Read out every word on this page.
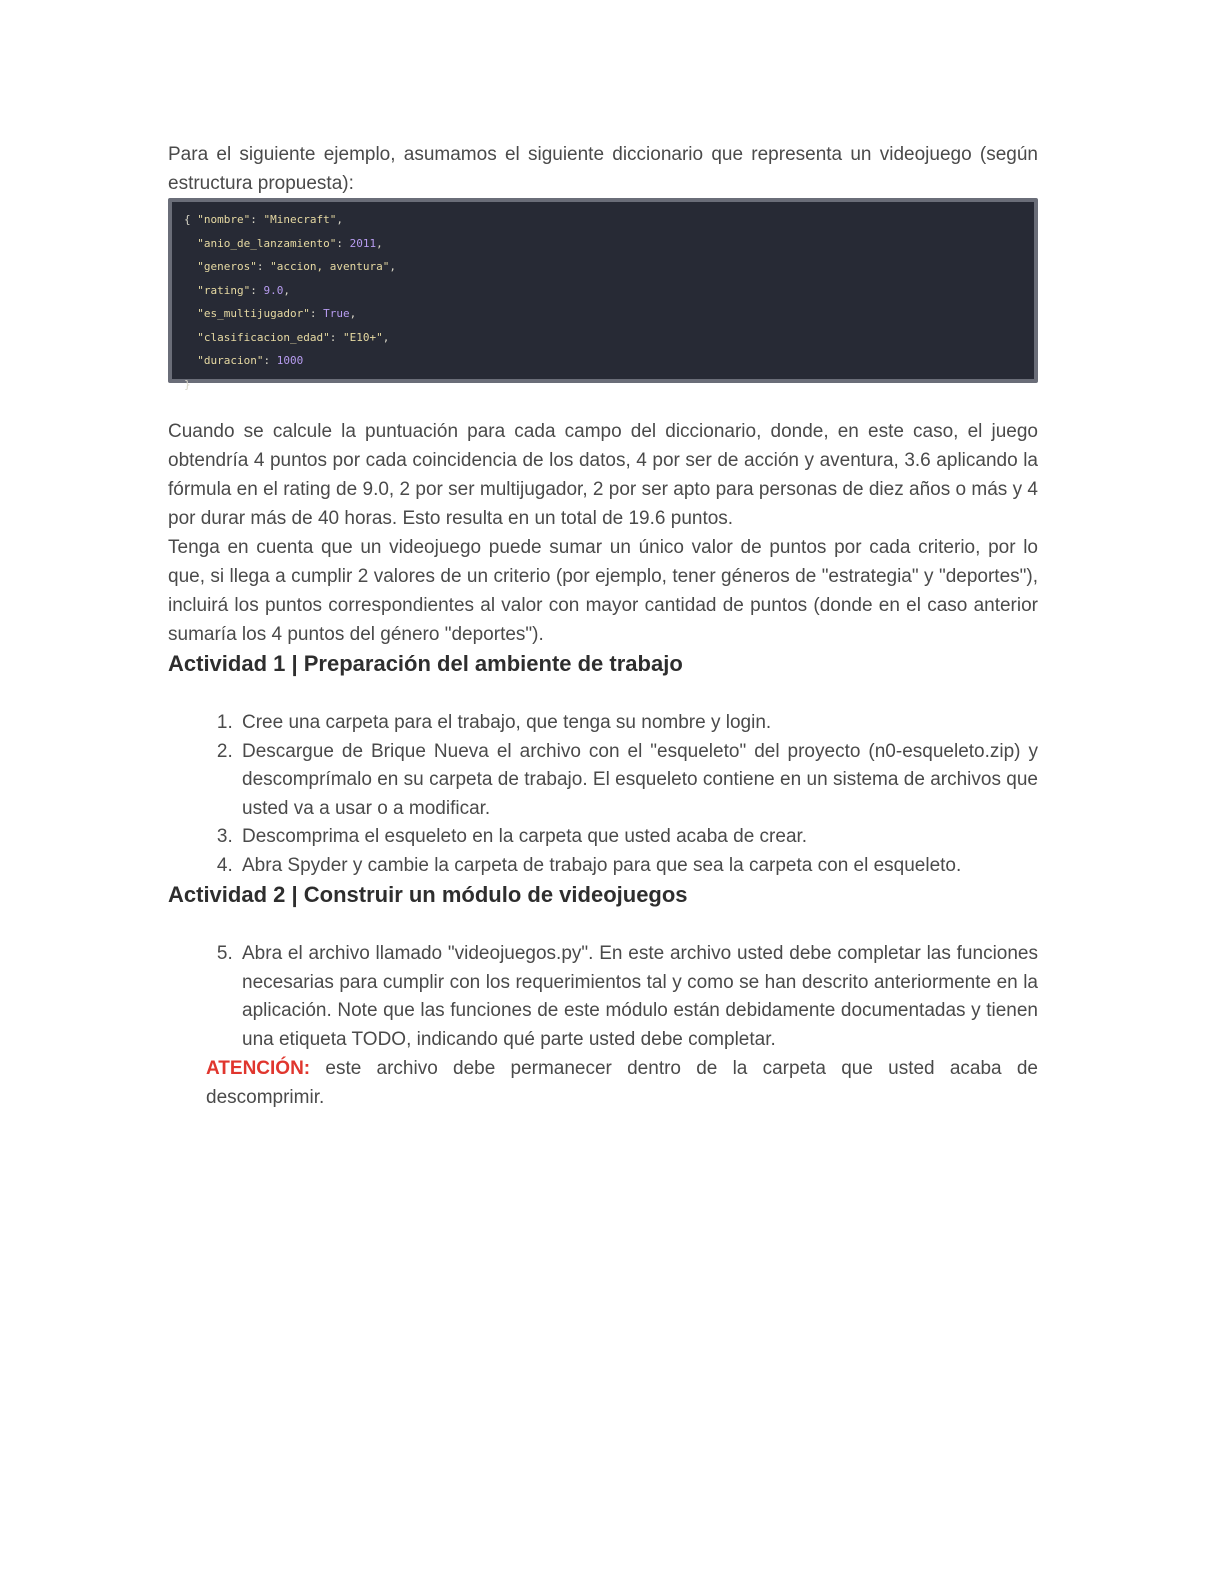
Para el siguiente ejemplo, asumamos el siguiente diccionario que representa un videojuego (según estructura propuesta):

{ "nombre": "Minecraft",
"anio_de_lanzamiento": 2011,
"generos": "accion, aventura",
"rating": 9.0,
"es_multijugador": True,
"clasificacion_edad": "E10+",
"duracion": 1000
}

Cuando se calcule la puntuación para cada campo del diccionario, donde, en este caso, el juego obtendría 4 puntos por cada coincidencia de los datos, 4 por ser de acción y aventura, 3.6 aplicando la fórmula en el rating de 9.0, 2 por ser multijugador, 2 por ser apto para personas de diez años o más y 4 por durar más de 40 horas. Esto resulta en un total de 19.6 puntos.

Tenga en cuenta que un videojuego puede sumar un único valor de puntos por cada criterio, por lo que, si llega a cumplir 2 valores de un criterio (por ejemplo, tener géneros de "estrategia" y "deportes"), incluirá los puntos correspondientes al valor con mayor cantidad de puntos (donde en el caso anterior sumaría los 4 puntos del género "deportes").

Actividad 1 | Preparación del ambiente de trabajo
1. Cree una carpeta para el trabajo, que tenga su nombre y login.
2. Descargue de Brique Nueva el archivo con el "esqueleto" del proyecto (n0-esqueleto.zip) y descomprímalo en su carpeta de trabajo. El esqueleto contiene en un sistema de archivos que usted va a usar o a modificar.
3. Descomprima el esqueleto en la carpeta que usted acaba de crear.
4. Abra Spyder y cambie la carpeta de trabajo para que sea la carpeta con el esqueleto.
Actividad 2 | Construir un módulo de videojuegos
5. Abra el archivo llamado "videojuegos.py". En este archivo usted debe completar las funciones necesarias para cumplir con los requerimientos tal y como se han descrito anteriormente en la aplicación. Note que las funciones de este módulo están debidamente documentadas y tienen una etiqueta TODO, indicando qué parte usted debe completar.

ATENCIÓN: este archivo debe permanecer dentro de la carpeta que usted acaba de descomprimir.
